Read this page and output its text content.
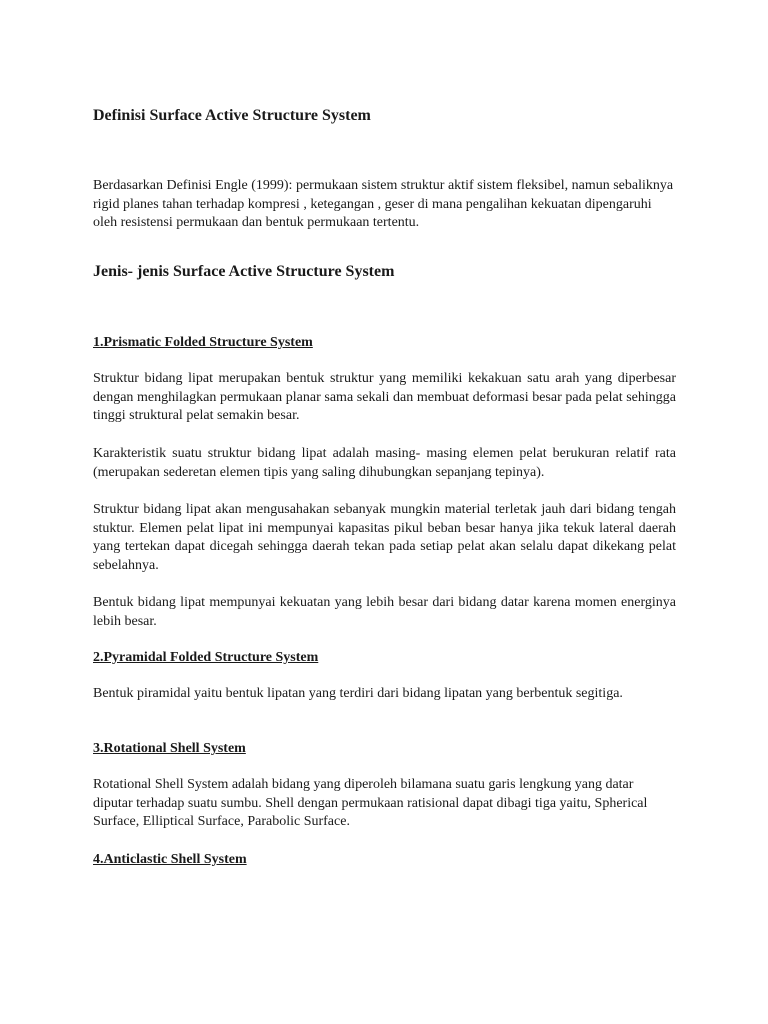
Definisi Surface Active Structure System

Berdasarkan Definisi Engle (1999): permukaan sistem struktur aktif sistem fleksibel, namun sebaliknya rigid planes tahan terhadap kompresi , ketegangan , geser di mana pengalihan kekuatan dipengaruhi oleh resistensi permukaan dan bentuk permukaan tertentu.

Jenis- jenis Surface Active Structure System
1.Prismatic Folded Structure System

Struktur bidang lipat merupakan bentuk struktur yang memiliki kekakuan satu arah yang diperbesar dengan menghilagkan permukaan planar sama sekali dan membuat deformasi besar pada pelat sehingga tinggi struktural pelat semakin besar.

Karakteristik suatu struktur bidang lipat adalah masing- masing elemen pelat berukuran relatif rata (merupakan sederetan elemen tipis yang saling dihubungkan sepanjang tepinya).

Struktur bidang lipat akan mengusahakan sebanyak mungkin material terletak jauh dari bidang tengah stuktur. Elemen pelat lipat ini mempunyai kapasitas pikul beban besar hanya jika tekuk lateral daerah yang tertekan dapat dicegah sehingga daerah tekan pada setiap pelat akan selalu dapat dikekang pelat sebelahnya.

Bentuk bidang lipat mempunyai kekuatan yang lebih besar dari bidang datar karena momen energinya lebih besar.

2.Pyramidal Folded Structure System

Bentuk piramidal yaitu bentuk lipatan yang terdiri dari bidang lipatan yang berbentuk segitiga.

3.Rotational Shell System

Rotational Shell System adalah bidang yang diperoleh bilamana suatu garis lengkung yang datar diputar terhadap suatu sumbu. Shell dengan permukaan ratisional dapat dibagi tiga yaitu, Spherical Surface, Elliptical Surface, Parabolic Surface.

4.Anticlastic Shell System
